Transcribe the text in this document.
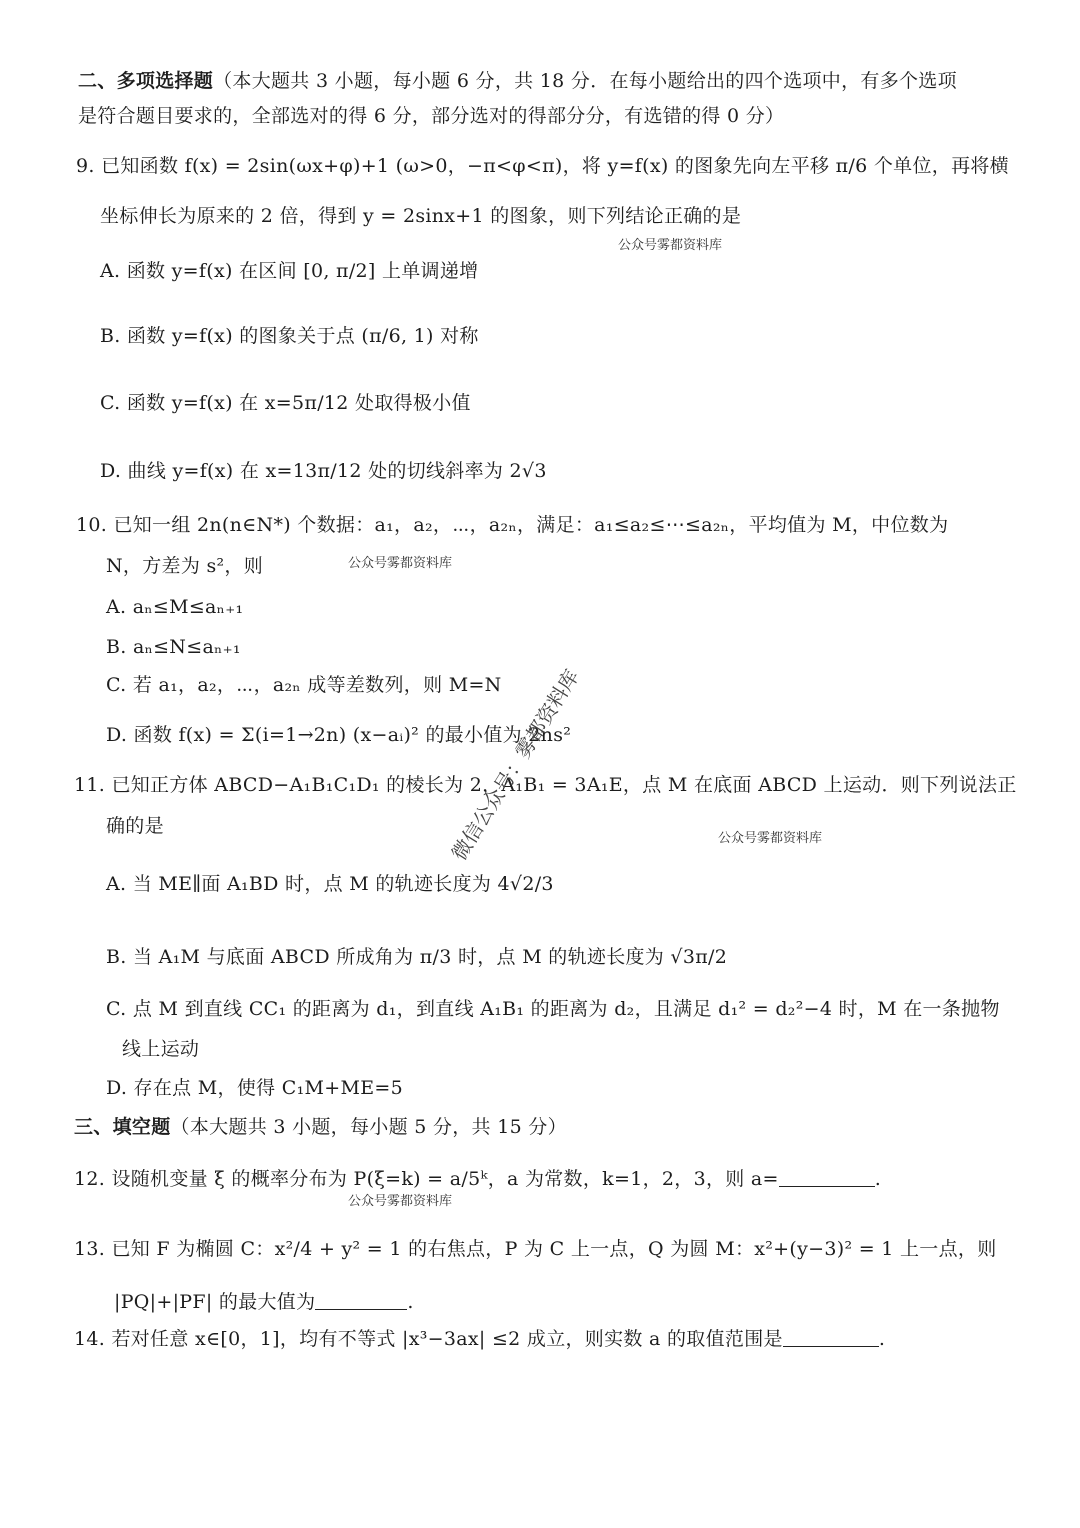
二、多项选择题（本大题共 3 小题，每小题 6 分，共 18 分．在每小题给出的四个选项中，有多个选项
是符合题目要求的，全部选对的得 6 分，部分选对的得部分分，有选错的得 0 分）
9. 已知函数 f(x) = 2sin(ωx+φ)+1 (ω>0，−π<φ<π)，将 y=f(x) 的图象先向左平移 π/6 个单位，再将横
坐标伸长为原来的 2 倍，得到 y = 2sinx+1 的图象，则下列结论正确的是
A. 函数 y=f(x) 在区间 [0, π/2] 上单调递增
B. 函数 y=f(x) 的图象关于点 (π/6, 1) 对称
C. 函数 y=f(x) 在 x=5π/12 处取得极小值
D. 曲线 y=f(x) 在 x=13π/12 处的切线斜率为 2√3
10. 已知一组 2n(n∈N*) 个数据：a₁，a₂，⋯，a₂ₙ，满足：a₁≤a₂≤⋯≤a₂ₙ，平均值为 M，中位数为
N，方差为 s²，则
A. aₙ≤M≤aₙ₊₁
B. aₙ≤N≤aₙ₊₁
C. 若 a₁，a₂，⋯，a₂ₙ 成等差数列，则 M=N
D. 函数 f(x) = Σ(i=1→2n) (x−aᵢ)² 的最小值为 2ns²
11. 已知正方体 ABCD−A₁B₁C₁D₁ 的棱长为 2，A₁B₁ = 3A₁E，点 M 在底面 ABCD 上运动．则下列说法正
确的是
A. 当 ME∥面 A₁BD 时，点 M 的轨迹长度为 4√2/3
B. 当 A₁M 与底面 ABCD 所成角为 π/3 时，点 M 的轨迹长度为 √3π/2
C. 点 M 到直线 CC₁ 的距离为 d₁，到直线 A₁B₁ 的距离为 d₂，且满足 d₁² = d₂²−4 时，M 在一条抛物
线上运动
D. 存在点 M，使得 C₁M+ME=5
三、填空题（本大题共 3 小题，每小题 5 分，共 15 分）
12. 设随机变量 ξ 的概率分布为 P(ξ=k) = a/5ᵏ，a 为常数，k=1，2，3，则 a=	.
13. 已知 F 为椭圆 C：x²/4 + y² = 1 的右焦点，P 为 C 上一点，Q 为圆 M：x²+(y−3)² = 1 上一点，则
|PQ|+|PF| 的最大值为	.
14. 若对任意 x∈[0，1]，均有不等式 |x³−3ax| ≤2 成立，则实数 a 的取值范围是	.
公众号雾都资料库
公众号雾都资料库
公众号雾都资料库
公众号雾都资料库
微信公众号：雾都资料库
